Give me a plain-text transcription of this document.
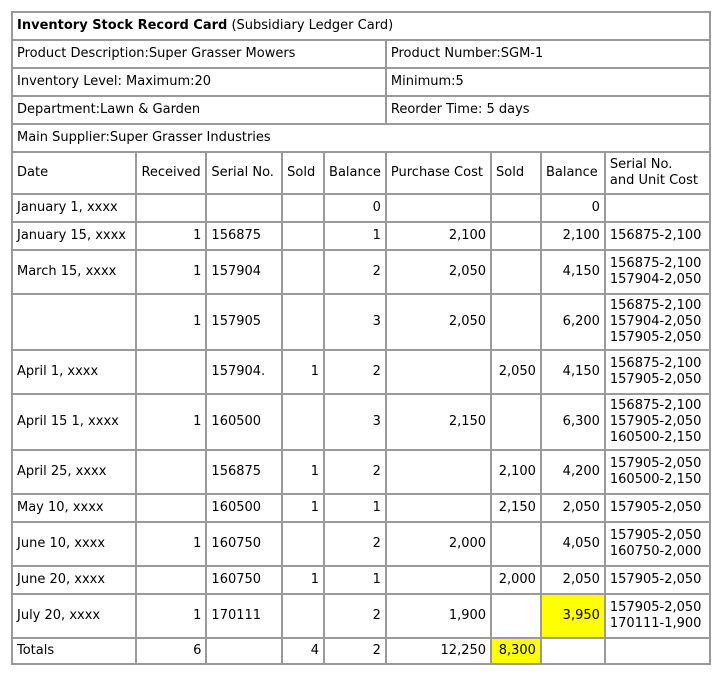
Inventory Stock Record Card (Subsidiary Ledger Card)								
Product Description:Super Grasser Mowers					Product Number:SGM-1			
Inventory Level: Maximum:20					Minimum:5			
Department:Lawn & Garden					Reorder Time: 5 days			
Main Supplier:Super Grasser Industries								
Date	Received	Serial No.	Sold	Balance	Purchase Cost	Sold	Balance	Serial No.
and Unit Cost

January 1, xxxx				0			0	
January 15, xxxx	1	156875		1	2,100		2,100	156875-2,100

March 15, xxxx	1	157904		2	2,050		4,150	156875-2,100
157904-2,050

	1	157905		3	2,050		6,200	156875-2,100
157904-2,050
157905-2,050

April 1, xxxx		157904.	1	2		2,050	4,150	156875-2,100
157905-2,050

April 15 1, xxxx	1	160500		3	2,150		6,300	156875-2,100
157905-2,050
160500-2,150

April 25, xxxx		156875	1	2		2,100	4,200	157905-2,050
160500-2,150

May 10, xxxx		160500	1	1		2,150	2,050	157905-2,050

June 10, xxxx	1	160750		2	2,000		4,050	157905-2,050
160750-2,000

June 20, xxxx		160750	1	1		2,000	2,050	157905-2,050

July 20, xxxx	1	170111		2	1,900		3,950	157905-2,050
170111-1,900

Totals	6		4	2	12,250	8,300		
